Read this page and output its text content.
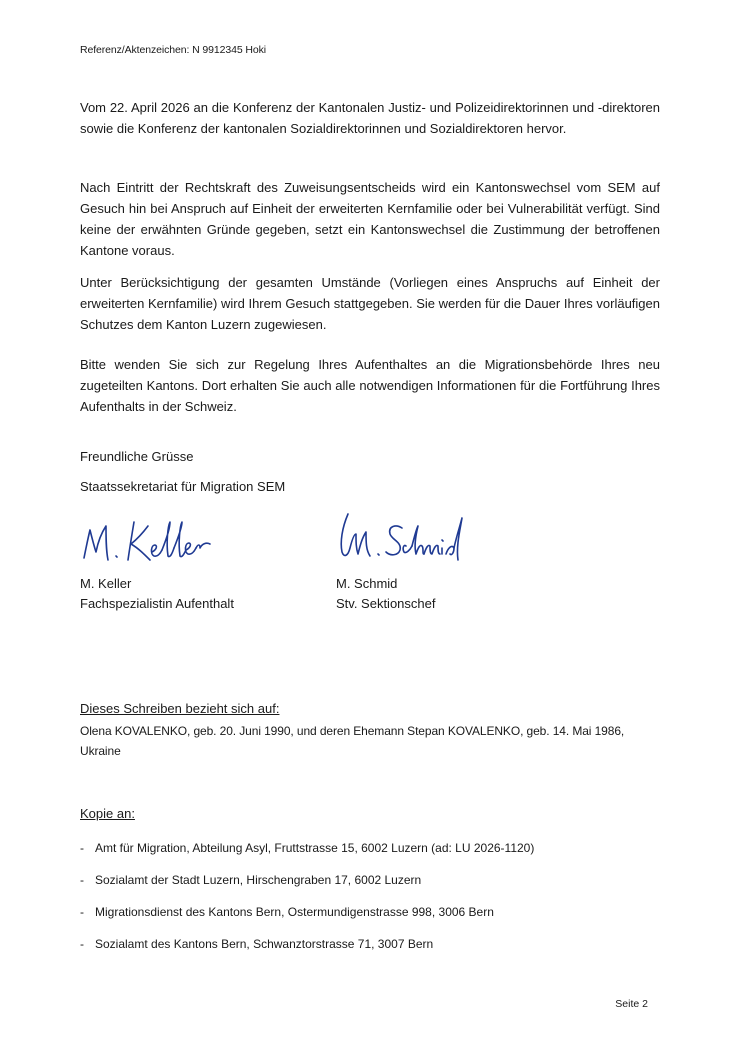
Referenz/Aktenzeichen: N 9912345 Hoki

Vom 22. April 2026 an die Konferenz der Kantonalen Justiz- und Polizeidirektorinnen und -direktoren sowie die Konferenz der kantonalen Sozialdirektorinnen und Sozialdirektoren hervor.

Nach Eintritt der Rechtskraft des Zuweisungsentscheids wird ein Kantonswechsel vom SEM auf Gesuch hin bei Anspruch auf Einheit der erweiterten Kernfamilie oder bei Vulnerabilität verfügt. Sind keine der erwähnten Gründe gegeben, setzt ein Kantonswechsel die Zustimmung der betroffenen Kantone voraus.

Unter Berücksichtigung der gesamten Umstände (Vorliegen eines Anspruchs auf Einheit der erweiterten Kernfamilie) wird Ihrem Gesuch stattgegeben. Sie werden für die Dauer Ihres vorläufigen Schutzes dem Kanton Luzern zugewiesen.

Bitte wenden Sie sich zur Regelung Ihres Aufenthaltes an die Migrationsbehörde Ihres neu zugeteilten Kantons. Dort erhalten Sie auch alle notwendigen Informationen für die Fortführung Ihres Aufenthalts in der Schweiz.

Freundliche Grüsse

Staatssekretariat für Migration SEM

M. Keller

Fachspezialistin Aufenthalt

M. Schmid

Stv. Sektionschef

Dieses Schreiben bezieht sich auf:

Olena KOVALENKO, geb. 20. Juni 1990, und deren Ehemann Stepan KOVALENKO, geb. 14. Mai 1986, Ukraine

Kopie an:

- Amt für Migration, Abteilung Asyl, Fruttstrasse 15, 6002 Luzern (ad: LU 2026-1120)
- Sozialamt der Stadt Luzern, Hirschengraben 17, 6002 Luzern
- Migrationsdienst des Kantons Bern, Ostermundigenstrasse 998, 3006 Bern
- Sozialamt des Kantons Bern, Schwanztorstrasse 71, 3007 Bern
Seite 2
